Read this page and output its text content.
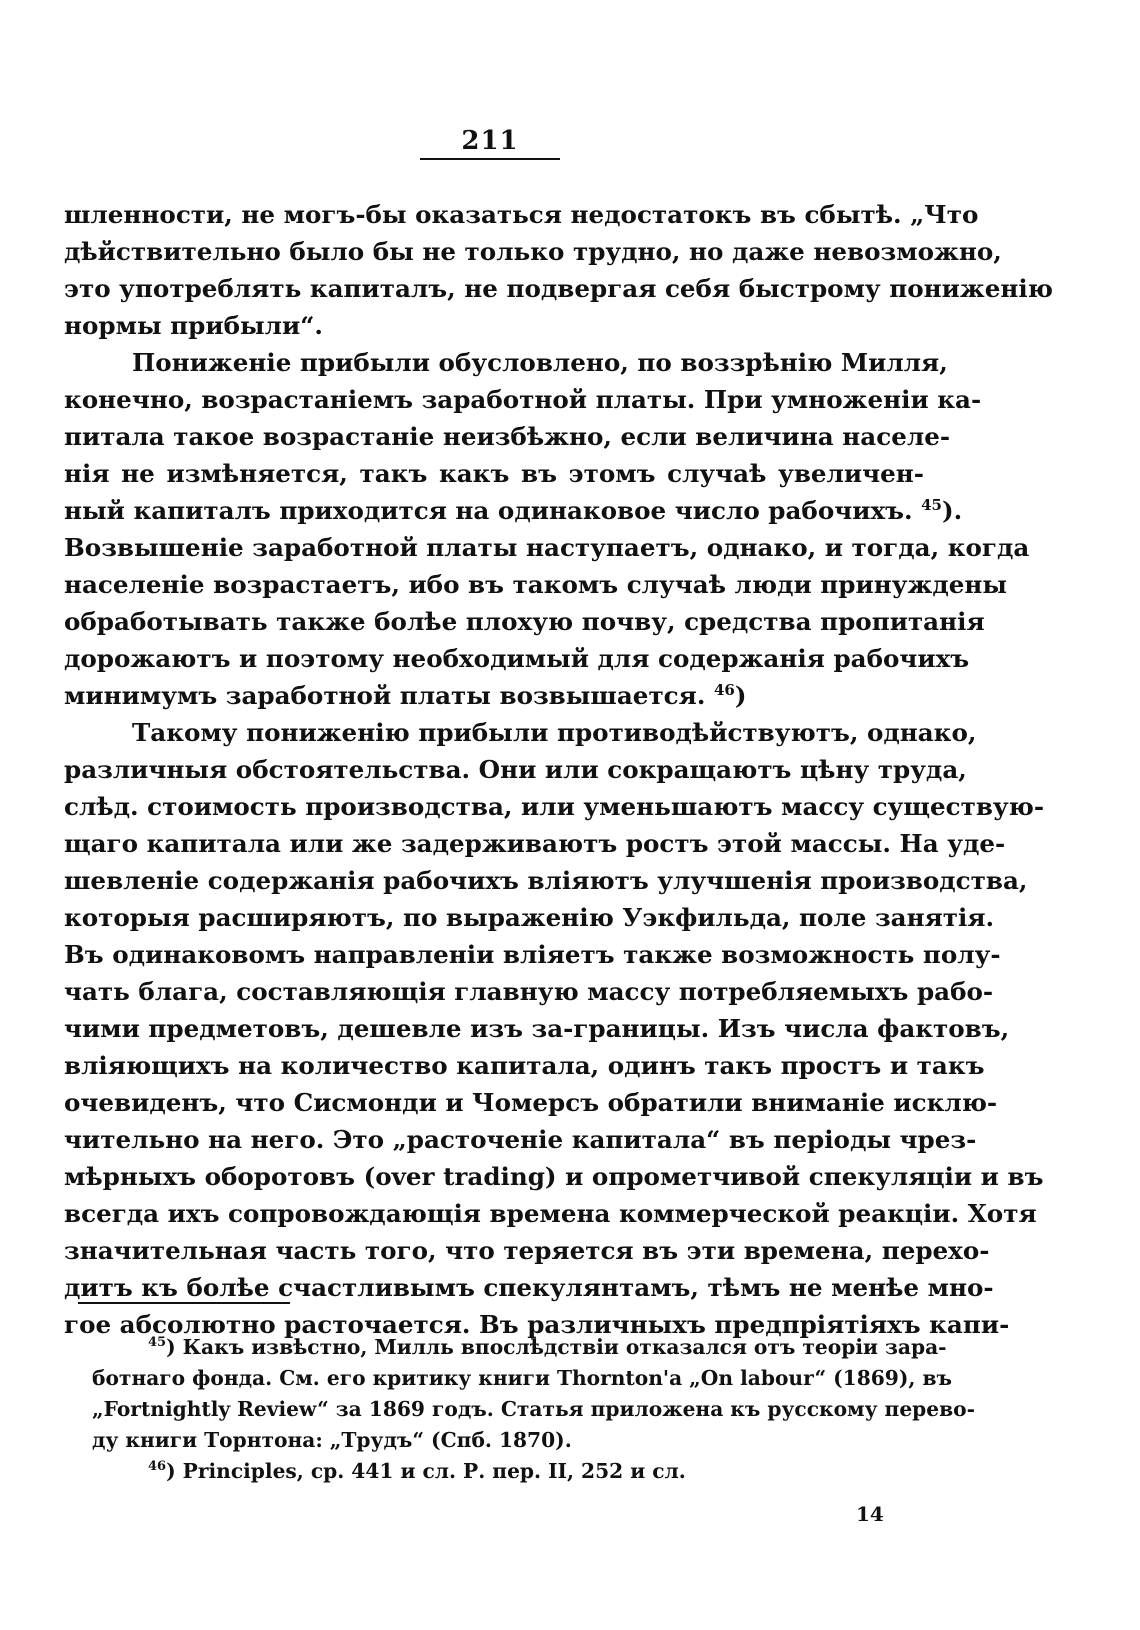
211
шленности, не могъ-бы оказаться недостатокъ въ сбытѣ. „Что
дѣйствительно было бы не только трудно, но даже невозможно,
это употреблять капиталъ, не подвергая себя быстрому пониженію
нормы прибыли“.
Пониженіе прибыли обусловлено, по воззрѣнію Милля,
конечно, возрастаніемъ заработной платы. При умноженіи ка-
питала такое возрастаніе неизбѣжно, если величина населе-
нія не измѣняется, такъ какъ въ этомъ случаѣ увеличен-
ный капиталъ приходится на одинаковое число рабочихъ. $^{45}$).
Возвышеніе заработной платы наступаетъ, однако, и тогда, когда
населеніе возрастаетъ, ибо въ такомъ случаѣ люди принуждены
обработывать также болѣе плохую почву, средства пропитанія
дорожаютъ и поэтому необходимый для содержанія рабочихъ
минимумъ заработной платы возвышается. $^{46}$)
Такому пониженію прибыли противодѣйствуютъ, однако,
различныя обстоятельства. Они или сокращаютъ цѣну труда,
слѣд. стоимость производства, или уменьшаютъ массу существую-
щаго капитала или же задерживаютъ ростъ этой массы. На уде-
шевленіе содержанія рабочихъ вліяютъ улучшенія производства,
которыя расширяютъ, по выраженію Уэкфильда, поле занятія.
Въ одинаковомъ направленіи вліяетъ также возможность полу-
чать блага, составляющія главную массу потребляемыхъ рабо-
чими предметовъ, дешевле изъ за-границы. Изъ числа фактовъ,
вліяющихъ на количество капитала, одинъ такъ простъ и такъ
очевиденъ, что Сисмонди и Чомерсъ обратили вниманіе исклю-
чительно на него. Это „расточеніе капитала“ въ періоды чрез-
мѣрныхъ оборотовъ (over trading) и опрометчивой спекуляціи и въ
всегда ихъ сопровождающія времена коммерческой реакціи. Хотя
значительная часть того, что теряется въ эти времена, перехо-
дитъ къ болѣе счастливымъ спекулянтамъ, тѣмъ не менѣе мно-
гое абсолютно расточается. Въ различныхъ предпріятіяхъ капи-
$^{45}$) Какъ извѣстно, Милль впослѣдствіи отказался отъ теоріи зара-
ботнаго фонда. См. его критику книги Thornton'a „On labour“ (1869), въ
„Fortnightly Review“ за 1869 годъ. Статья приложена къ русскому перево-
ду книги Торнтона: „Трудъ“ (Спб. 1870).
$^{46}$) Principles, ср. 441 и сл. Р. пер. II, 252 и сл.
14
